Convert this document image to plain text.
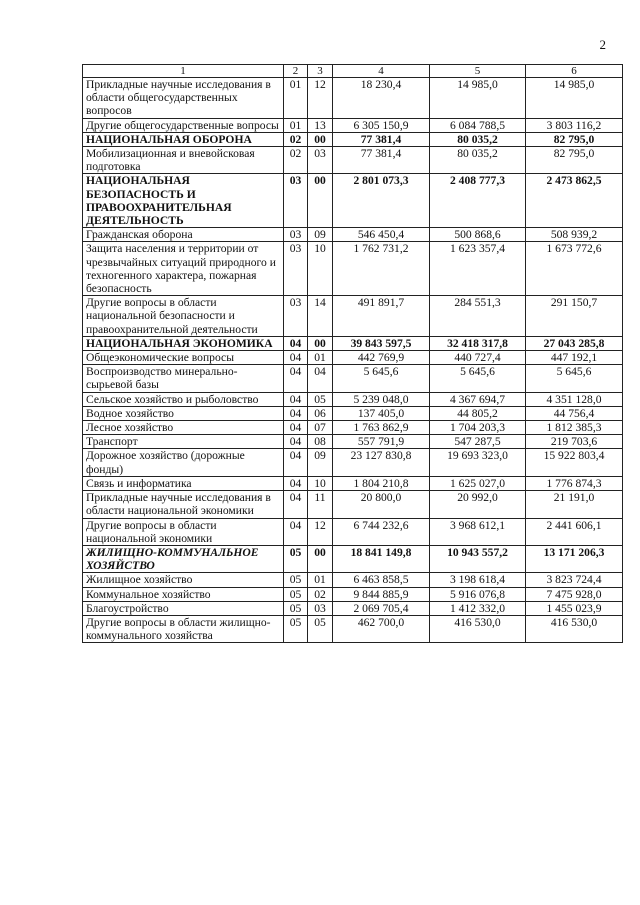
2
1	2	3	4	5	6
Прикладные научные исследования в области общегосударственных вопросов	01	12	18 230,4	14 985,0	14 985,0
Другие общегосударственные вопросы	01	13	6 305 150,9	6 084 788,5	3 803 116,2
НАЦИОНАЛЬНАЯ ОБОРОНА	02	00	77 381,4	80 035,2	82 795,0
Мобилизационная и вневойсковая подготовка	02	03	77 381,4	80 035,2	82 795,0
НАЦИОНАЛЬНАЯ БЕЗОПАСНОСТЬ И ПРАВООХРАНИТЕЛЬНАЯ ДЕЯТЕЛЬНОСТЬ	03	00	2 801 073,3	2 408 777,3	2 473 862,5
Гражданская оборона	03	09	546 450,4	500 868,6	508 939,2
Защита населения и территории от чрезвычайных ситуаций природного и техногенного характера, пожарная безопасность	03	10	1 762 731,2	1 623 357,4	1 673 772,6
Другие вопросы в области национальной безопасности и правоохранительной деятельности	03	14	491 891,7	284 551,3	291 150,7
НАЦИОНАЛЬНАЯ ЭКОНОМИКА	04	00	39 843 597,5	32 418 317,8	27 043 285,8
Общеэкономические вопросы	04	01	442 769,9	440 727,4	447 192,1
Воспроизводство минерально-сырьевой базы	04	04	5 645,6	5 645,6	5 645,6
Сельское хозяйство и рыболовство	04	05	5 239 048,0	4 367 694,7	4 351 128,0
Водное хозяйство	04	06	137 405,0	44 805,2	44 756,4
Лесное хозяйство	04	07	1 763 862,9	1 704 203,3	1 812 385,3
Транспорт	04	08	557 791,9	547 287,5	219 703,6
Дорожное хозяйство (дорожные фонды)	04	09	23 127 830,8	19 693 323,0	15 922 803,4
Связь и информатика	04	10	1 804 210,8	1 625 027,0	1 776 874,3
Прикладные научные исследования в области национальной экономики	04	11	20 800,0	20 992,0	21 191,0
Другие вопросы в области национальной экономики	04	12	6 744 232,6	3 968 612,1	2 441 606,1
ЖИЛИЩНО-КОММУНАЛЬНОЕ ХОЗЯЙСТВО	05	00	18 841 149,8	10 943 557,2	13 171 206,3
Жилищное хозяйство	05	01	6 463 858,5	3 198 618,4	3 823 724,4
Коммунальное хозяйство	05	02	9 844 885,9	5 916 076,8	7 475 928,0
Благоустройство	05	03	2 069 705,4	1 412 332,0	1 455 023,9
Другие вопросы в области жилищно-коммунального хозяйства	05	05	462 700,0	416 530,0	416 530,0
